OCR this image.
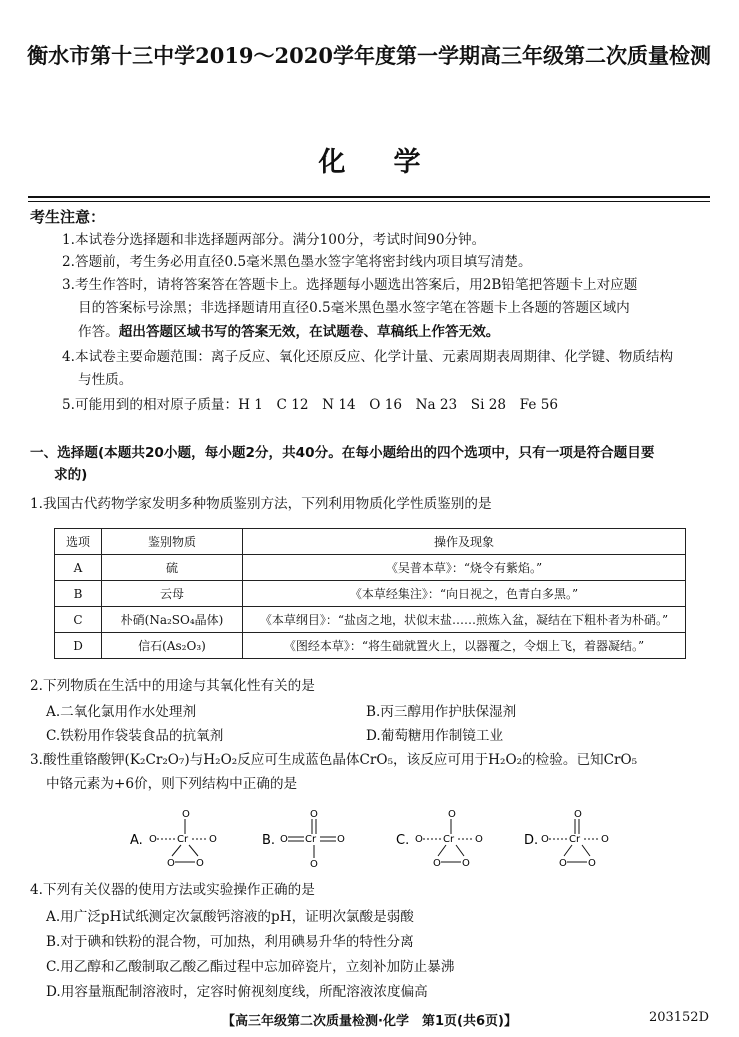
衡水市第十三中学2019～2020学年度第一学期高三年级第二次质量检测
化学
考生注意：
1.本试卷分选择题和非选择题两部分。满分100分，考试时间90分钟。
2.答题前，考生务必用直径0.5毫米黑色墨水签字笔将密封线内项目填写清楚。
3.考生作答时，请将答案答在答题卡上。选择题每小题选出答案后，用2B铅笔把答题卡上对应题
目的答案标号涂黑；非选择题请用直径0.5毫米黑色墨水签字笔在答题卡上各题的答题区域内
作答。超出答题区域书写的答案无效，在试题卷、草稿纸上作答无效。
4.本试卷主要命题范围：离子反应、氧化还原反应、化学计量、元素周期表周期律、化学键、物质结构
与性质。
5.可能用到的相对原子质量：H 1　C 12　N 14　O 16　Na 23　Si 28　Fe 56
一、选择题(本题共20小题，每小题2分，共40分。在每小题给出的四个选项中，只有一项是符合题目要
求的)
1.我国古代药物学家发明多种物质鉴别方法，下列利用物质化学性质鉴别的是
选项	鉴别物质	操作及现象
A	硫	《吴普本草》：“烧令有紫焰。”
B	云母	《本草经集注》：“向日视之，色青白多黑。”
C	朴硝(Na₂SO₄晶体)	《本草纲目》：“盐卤之地，状似末盐……煎炼入盆，凝结在下粗朴者为朴硝。”
D	信石(As₂O₃)	《图经本草》：“将生础就置火上，以器覆之，令烟上飞，着器凝结。”
2.下列物质在生活中的用途与其氧化性有关的是
A.二氧化氯用作水处理剂	B.丙三醇用作护肤保湿剂
C.铁粉用作袋装食品的抗氧剂	D.葡萄糖用作制镜工业
3.酸性重铬酸钾(K₂Cr₂O₇)与H₂O₂反应可生成蓝色晶体CrO₅，该反应可用于H₂O₂的检验。已知CrO₅
中铬元素为+6价，则下列结构中正确的是
A.
O
O Cr O
O O
B.
O
O Cr O
O
C.
O
O Cr O
O O
D.
O
O Cr O
O O
4.下列有关仪器的使用方法或实验操作正确的是
A.用广泛pH试纸测定次氯酸钙溶液的pH，证明次氯酸是弱酸
B.对于碘和铁粉的混合物，可加热，利用碘易升华的特性分离
C.用乙醇和乙酸制取乙酸乙酯过程中忘加碎瓷片，立刻补加防止暴沸
D.用容量瓶配制溶液时，定容时俯视刻度线，所配溶液浓度偏高
【高三年级第二次质量检测·化学　第1页(共6页)】	203152D
